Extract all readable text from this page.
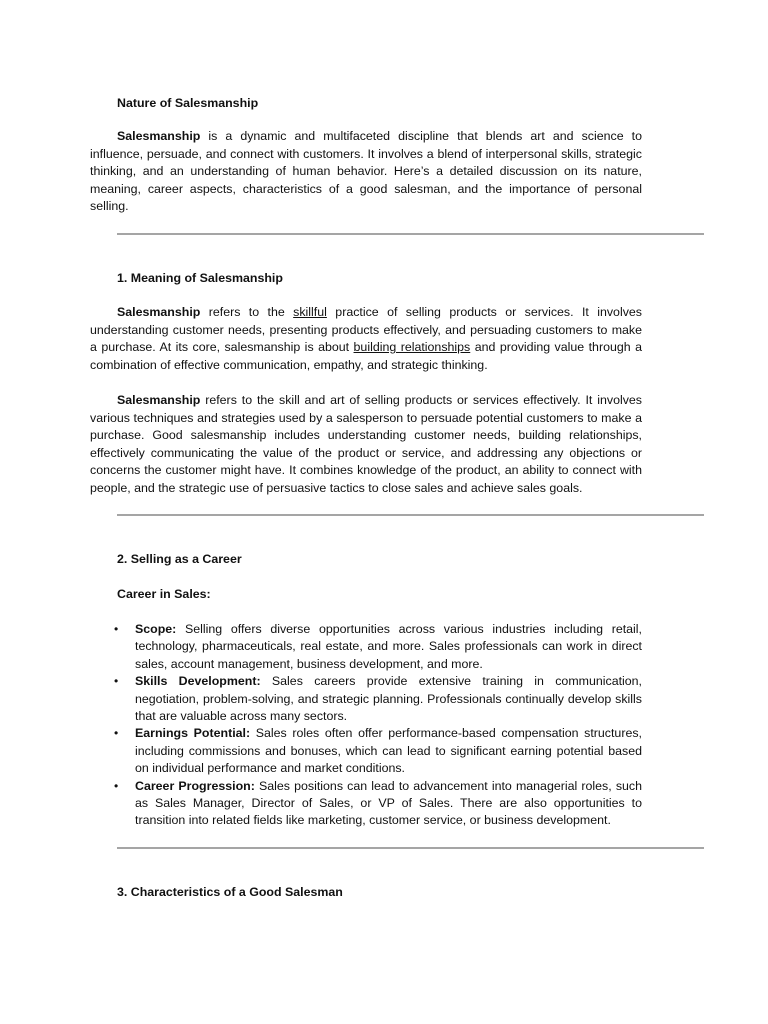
Nature of Salesmanship

Salesmanship is a dynamic and multifaceted discipline that blends art and science to influence, persuade, and connect with customers. It involves a blend of interpersonal skills, strategic thinking, and an understanding of human behavior. Here’s a detailed discussion on its nature, meaning, career aspects, characteristics of a good salesman, and the importance of personal selling.

1. Meaning of Salesmanship

Salesmanship refers to the skillful practice of selling products or services. It involves understanding customer needs, presenting products effectively, and persuading customers to make a purchase. At its core, salesmanship is about building relationships and providing value through a combination of effective communication, empathy, and strategic thinking.

Salesmanship refers to the skill and art of selling products or services effectively. It involves various techniques and strategies used by a salesperson to persuade potential customers to make a purchase. Good salesmanship includes understanding customer needs, building relationships, effectively communicating the value of the product or service, and addressing any objections or concerns the customer might have. It combines knowledge of the product, an ability to connect with people, and the strategic use of persuasive tactics to close sales and achieve sales goals.

2. Selling as a Career
Career in Sales:
• Scope: Selling offers diverse opportunities across various industries including retail, technology, pharmaceuticals, real estate, and more. Sales professionals can work in direct sales, account management, business development, and more.
• Skills Development: Sales careers provide extensive training in communication, negotiation, problem-solving, and strategic planning. Professionals continually develop skills that are valuable across many sectors.
• Earnings Potential: Sales roles often offer performance-based compensation structures, including commissions and bonuses, which can lead to significant earning potential based on individual performance and market conditions.
• Career Progression: Sales positions can lead to advancement into managerial roles, such as Sales Manager, Director of Sales, or VP of Sales. There are also opportunities to transition into related fields like marketing, customer service, or business development.
3. Characteristics of a Good Salesman
